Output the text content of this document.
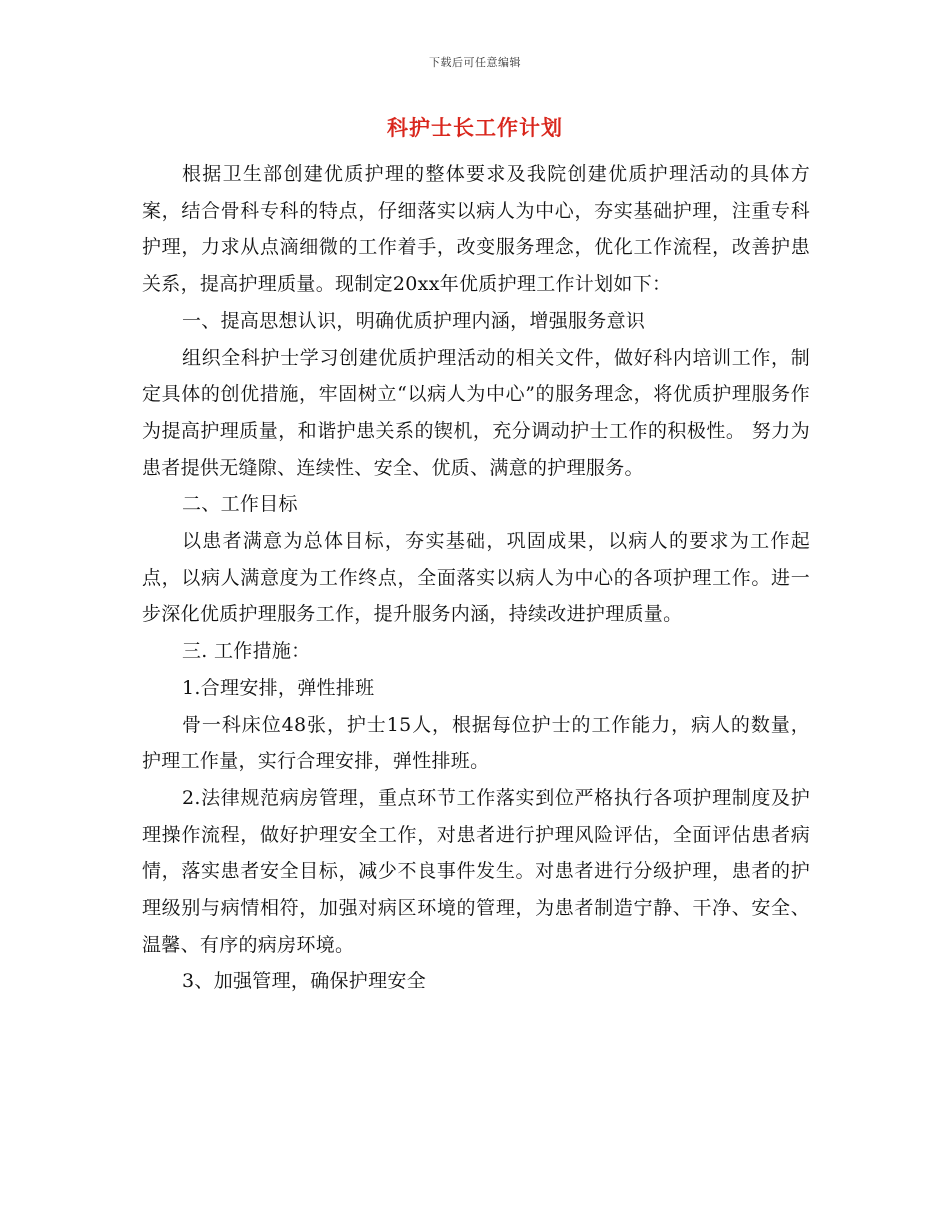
下载后可任意编辑
科护士长工作计划

根据卫生部创建优质护理的整体要求及我院创建优质护理活动的具体方案，结合骨科专科的特点，仔细落实以病人为中心，夯实基础护理，注重专科护理，力求从点滴细微的工作着手，改变服务理念，优化工作流程，改善护患关系，提高护理质量。现制定20xx年优质护理工作计划如下：

一、提高思想认识，明确优质护理内涵，增强服务意识

组织全科护士学习创建优质护理活动的相关文件，做好科内培训工作，制定具体的创优措施，牢固树立“以病人为中心”的服务理念，将优质护理服务作为提高护理质量，和谐护患关系的锲机，充分调动护士工作的积极性。 努力为患者提供无缝隙、连续性、安全、优质、满意的护理服务。

二、工作目标

以患者满意为总体目标，夯实基础，巩固成果，以病人的要求为工作起点，以病人满意度为工作终点，全面落实以病人为中心的各项护理工作。进一步深化优质护理服务工作，提升服务内涵，持续改进护理质量。

三. 工作措施：

1.合理安排，弹性排班

骨一科床位48张，护士15人，根据每位护士的工作能力，病人的数量，护理工作量，实行合理安排，弹性排班。

2.法律规范病房管理，重点环节工作落实到位严格执行各项护理制度及护理操作流程，做好护理安全工作，对患者进行护理风险评估，全面评估患者病情，落实患者安全目标，减少不良事件发生。对患者进行分级护理，患者的护理级别与病情相符，加强对病区环境的管理，为患者制造宁静、干净、安全、温馨、有序的病房环境。

3、加强管理，确保护理安全
